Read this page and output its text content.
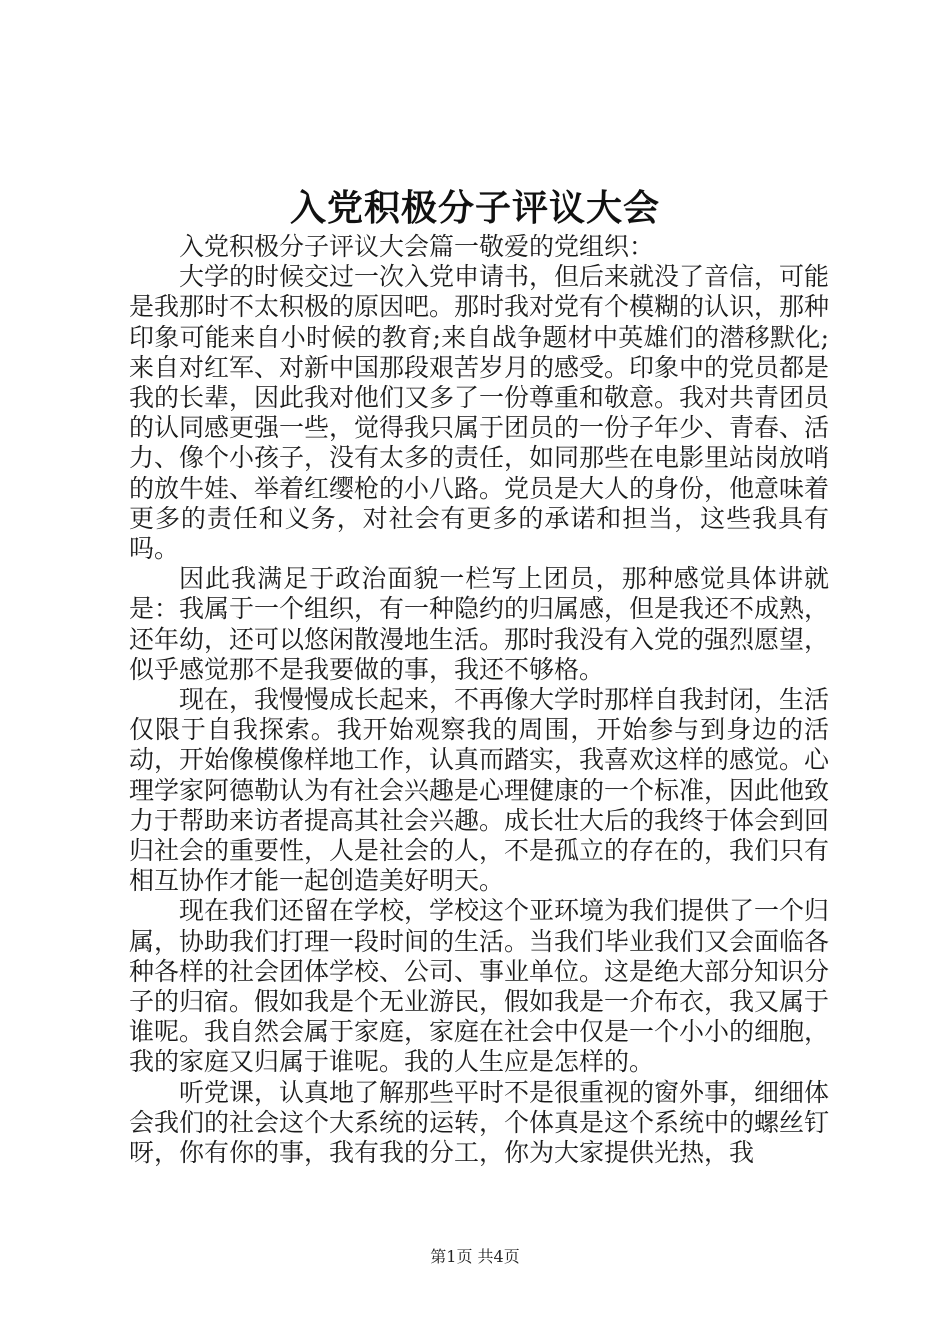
入党积极分子评议大会

入党积极分子评议大会篇一敬爱的党组织：

大学的时候交过一次入党申请书，但后来就没了音信，可能是我那时不太积极的原因吧。那时我对党有个模糊的认识，那种印象可能来自小时候的教育;来自战争题材中英雄们的潜移默化;来自对红军、对新中国那段艰苦岁月的感受。印象中的党员都是我的长辈，因此我对他们又多了一份尊重和敬意。我对共青团员的认同感更强一些，觉得我只属于团员的一份子年少、青春、活力、像个小孩子，没有太多的责任，如同那些在电影里站岗放哨的放牛娃、举着红缨枪的小八路。党员是大人的身份，他意味着更多的责任和义务，对社会有更多的承诺和担当，这些我具有吗。

因此我满足于政治面貌一栏写上团员，那种感觉具体讲就是：我属于一个组织，有一种隐约的归属感，但是我还不成熟，还年幼，还可以悠闲散漫地生活。那时我没有入党的强烈愿望，似乎感觉那不是我要做的事，我还不够格。

现在，我慢慢成长起来，不再像大学时那样自我封闭，生活仅限于自我探索。我开始观察我的周围，开始参与到身边的活动，开始像模像样地工作，认真而踏实，我喜欢这样的感觉。心理学家阿德勒认为有社会兴趣是心理健康的一个标准，因此他致力于帮助来访者提高其社会兴趣。成长壮大后的我终于体会到回归社会的重要性，人是社会的人，不是孤立的存在的，我们只有相互协作才能一起创造美好明天。

现在我们还留在学校，学校这个亚环境为我们提供了一个归属，协助我们打理一段时间的生活。当我们毕业我们又会面临各种各样的社会团体学校、公司、事业单位。这是绝大部分知识分子的归宿。假如我是个无业游民，假如我是一介布衣，我又属于谁呢。我自然会属于家庭，家庭在社会中仅是一个小小的细胞，我的家庭又归属于谁呢。我的人生应是怎样的。

听党课，认真地了解那些平时不是很重视的窗外事，细细体会我们的社会这个大系统的运转，个体真是这个系统中的螺丝钉呀，你有你的事，我有我的分工，你为大家提供光热，我

第1页 共4页
